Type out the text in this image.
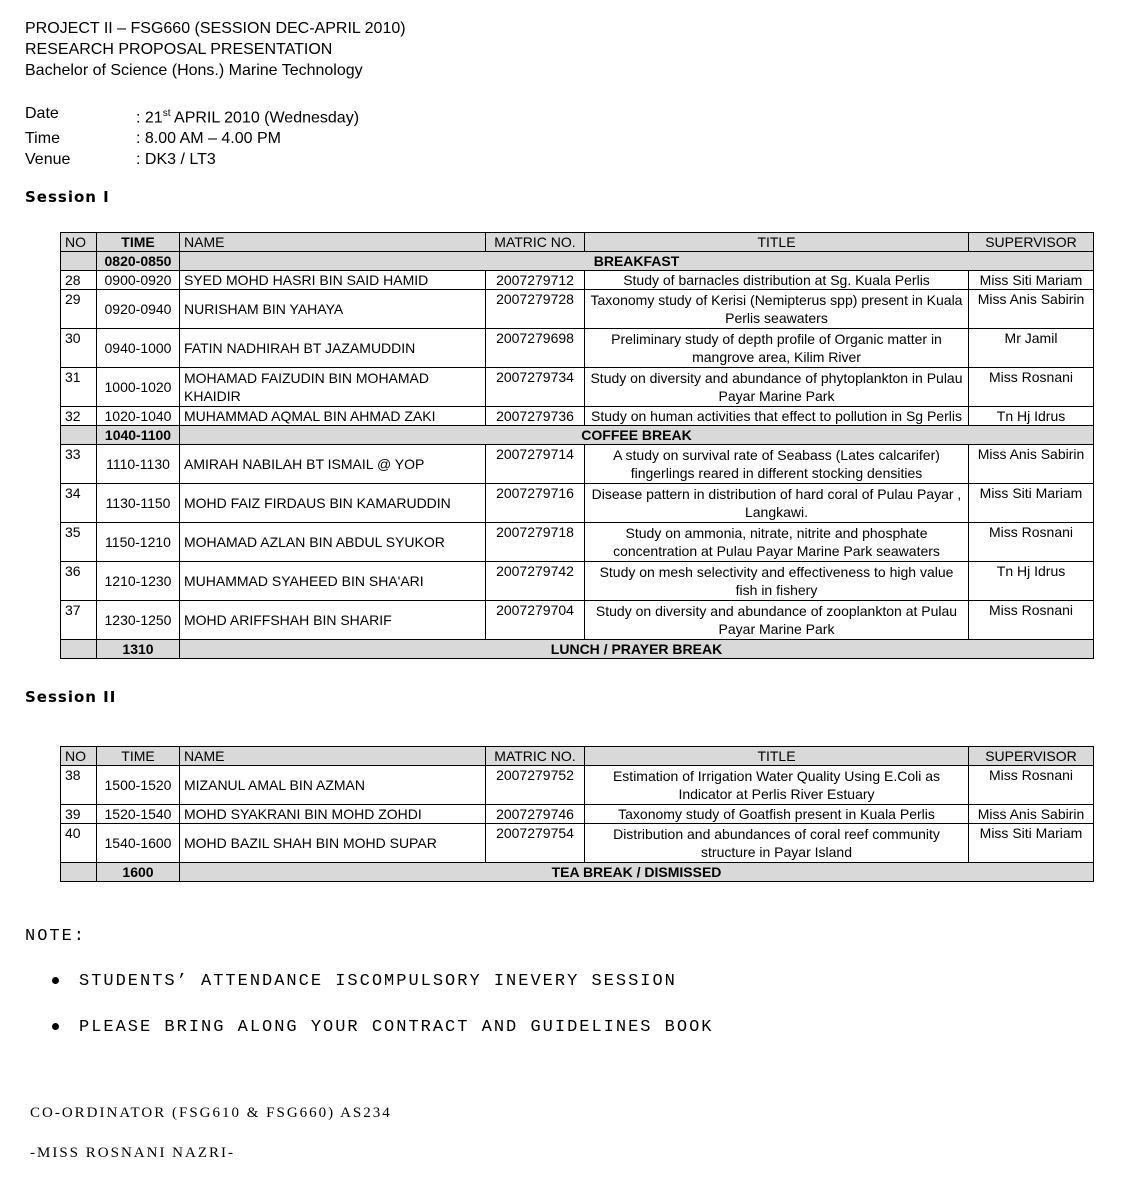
PROJECT II – FSG660 (SESSION DEC-APRIL 2010)
RESEARCH PROPOSAL PRESENTATION
Bachelor of Science (Hons.) Marine Technology
Date	: 21st APRIL 2010 (Wednesday)
Time	: 8.00 AM – 4.00 PM
Venue	: DK3 / LT3
Session I
NO	TIME	NAME	MATRIC NO.	TITLE	SUPERVISOR
	0820-0850	BREAKFAST			
28	0900-0920	SYED MOHD HASRI BIN SAID HAMID	2007279712	Study of barnacles distribution at Sg. Kuala Perlis	Miss Siti Mariam
29	0920-0940	NURISHAM BIN YAHAYA	2007279728	Taxonomy study of Kerisi (Nemipterus spp) present in Kuala Perlis seawaters	Miss Anis Sabirin
30	0940-1000	FATIN NADHIRAH BT JAZAMUDDIN	2007279698	Preliminary study of depth profile of Organic matter in mangrove area, Kilim River	Mr Jamil
31	1000-1020	MOHAMAD FAIZUDIN BIN MOHAMAD KHAIDIR	2007279734	Study on diversity and abundance of phytoplankton in Pulau Payar Marine Park	Miss Rosnani
32	1020-1040	MUHAMMAD AQMAL BIN AHMAD ZAKI	2007279736	Study on human activities that effect to pollution in Sg Perlis	Tn Hj Idrus
	1040-1100	COFFEE BREAK			
33	1110-1130	AMIRAH NABILAH BT ISMAIL @ YOP	2007279714	A study on survival rate of Seabass (Lates calcarifer) fingerlings reared in different stocking densities	Miss Anis Sabirin
34	1130-1150	MOHD FAIZ FIRDAUS BIN KAMARUDDIN	2007279716	Disease pattern in distribution of hard coral of Pulau Payar , Langkawi.	Miss Siti Mariam
35	1150-1210	MOHAMAD AZLAN BIN ABDUL SYUKOR	2007279718	Study on ammonia, nitrate, nitrite and phosphate concentration at Pulau Payar Marine Park seawaters	Miss Rosnani
36	1210-1230	MUHAMMAD SYAHEED BIN SHA'ARI	2007279742	Study on mesh selectivity and effectiveness to high value fish in fishery	Tn Hj Idrus
37	1230-1250	MOHD ARIFFSHAH BIN SHARIF	2007279704	Study on diversity and abundance of zooplankton at Pulau Payar Marine Park	Miss Rosnani
	1310	LUNCH / PRAYER BREAK			
Session II
NO	TIME	NAME	MATRIC NO.	TITLE	SUPERVISOR
38	1500-1520	MIZANUL AMAL BIN AZMAN	2007279752	Estimation of Irrigation Water Quality Using E.Coli as Indicator at Perlis River Estuary	Miss Rosnani
39	1520-1540	MOHD SYAKRANI BIN MOHD ZOHDI	2007279746	Taxonomy study of Goatfish present in Kuala Perlis	Miss Anis Sabirin
40	1540-1600	MOHD BAZIL SHAH BIN MOHD SUPAR	2007279754	Distribution and abundances of coral reef community structure in Payar Island	Miss Siti Mariam
	1600	TEA BREAK / DISMISSED			
NOTE:
STUDENTS’ ATTENDANCE ISCOMPULSORY INEVERY SESSION
PLEASE BRING ALONG YOUR CONTRACT AND GUIDELINES BOOK
CO-ORDINATOR (FSG610 & FSG660) AS234
-MISS ROSNANI NAZRI-
